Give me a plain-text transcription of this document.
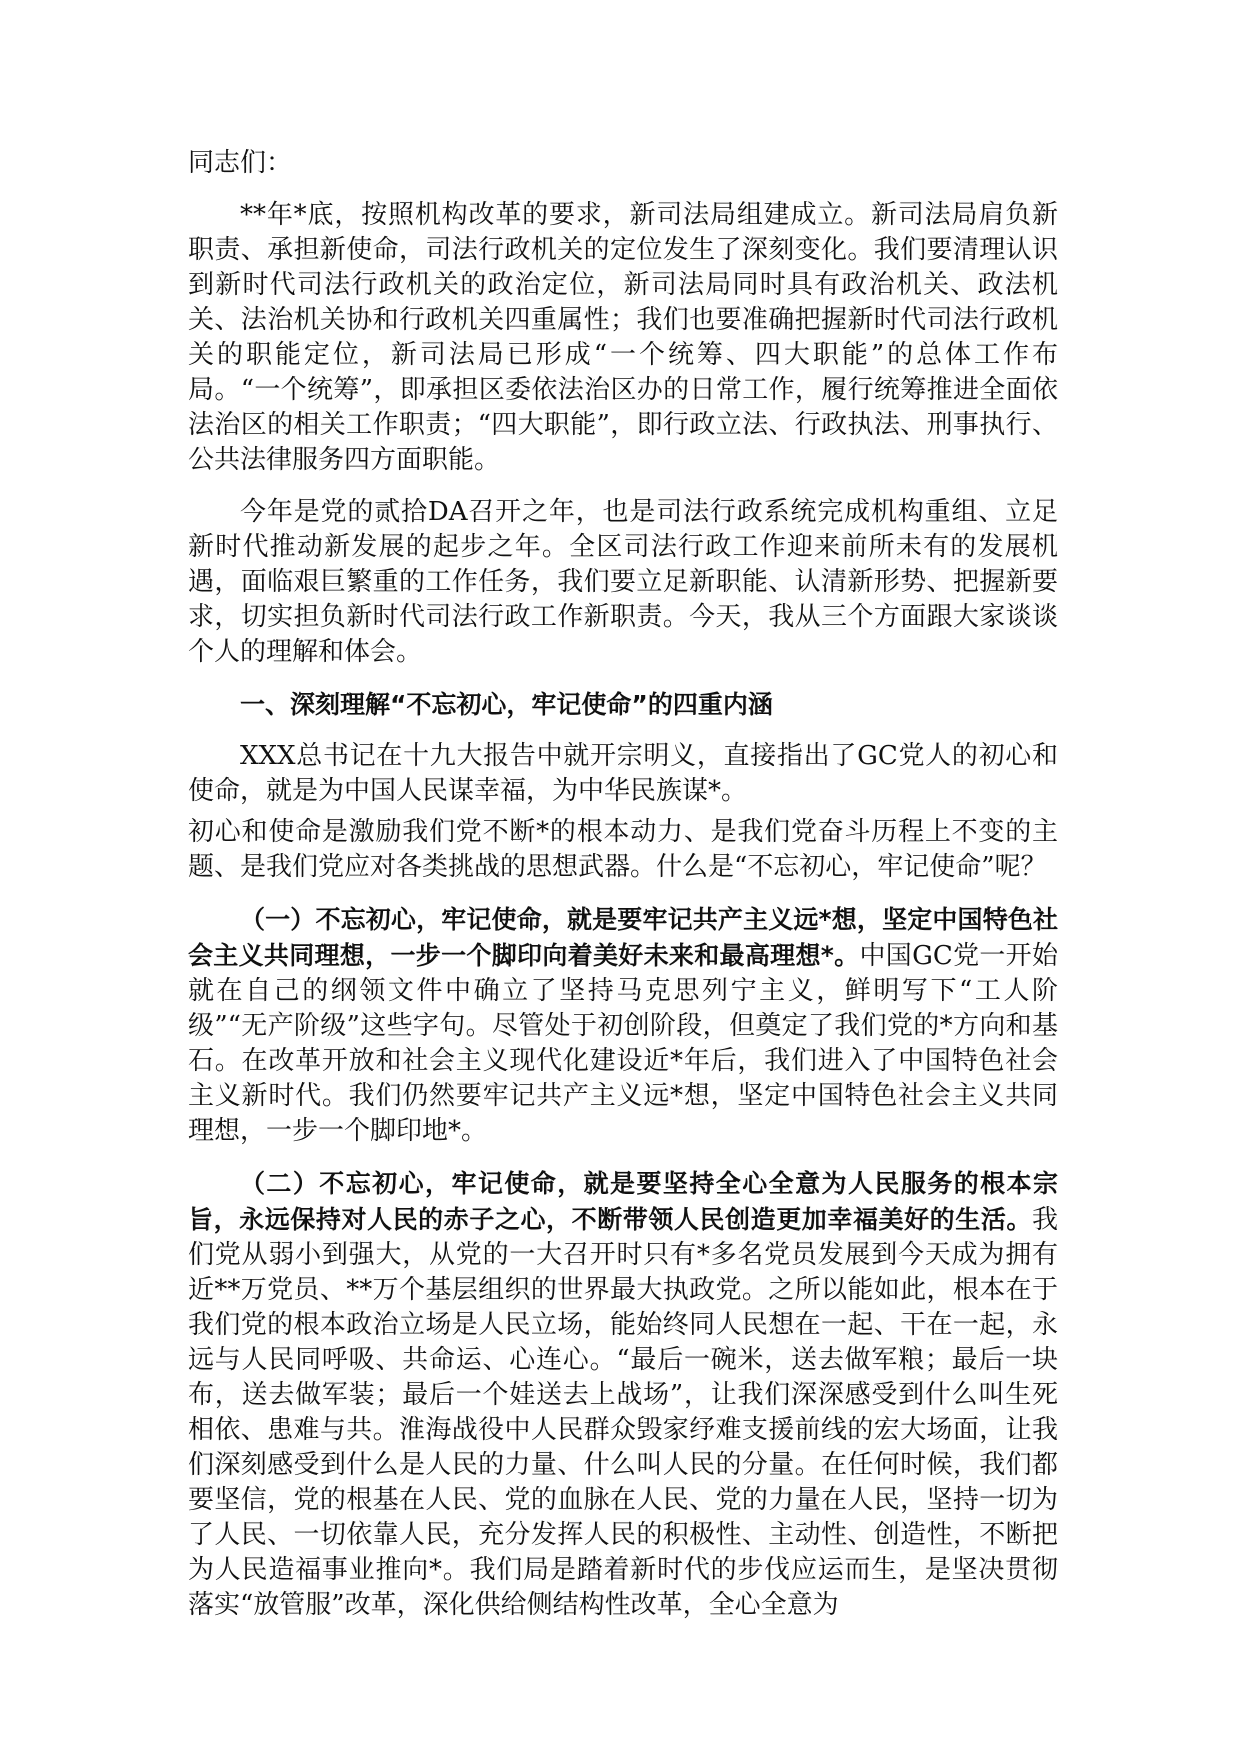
同志们：

**年*底，按照机构改革的要求，新司法局组建成立。新司法局肩负新职责、承担新使命，司法行政机关的定位发生了深刻变化。我们要清理认识到新时代司法行政机关的政治定位，新司法局同时具有政治机关、政法机关、法治机关协和行政机关四重属性；我们也要准确把握新时代司法行政机关的职能定位，新司法局已形成“一个统筹、四大职能”的总体工作布局。“一个统筹”，即承担区委依法治区办的日常工作，履行统筹推进全面依法治区的相关工作职责；“四大职能”，即行政立法、行政执法、刑事执行、公共法律服务四方面职能。

今年是党的贰拾DA召开之年，也是司法行政系统完成机构重组、立足新时代推动新发展的起步之年。全区司法行政工作迎来前所未有的发展机遇，面临艰巨繁重的工作任务，我们要立足新职能、认清新形势、把握新要求，切实担负新时代司法行政工作新职责。今天，我从三个方面跟大家谈谈个人的理解和体会。

一、深刻理解“不忘初心，牢记使命”的四重内涵

XXX总书记在十九大报告中就开宗明义，直接指出了GC党人的初心和使命，就是为中国人民谋幸福，为中华民族谋*。

初心和使命是激励我们党不断*的根本动力、是我们党奋斗历程上不变的主题、是我们党应对各类挑战的思想武器。什么是“不忘初心，牢记使命”呢？

（一）不忘初心，牢记使命，就是要牢记共产主义远*想，坚定中国特色社会主义共同理想，一步一个脚印向着美好未来和最高理想*。中国GC党一开始就在自己的纲领文件中确立了坚持马克思列宁主义，鲜明写下“工人阶级”“无产阶级”这些字句。尽管处于初创阶段，但奠定了我们党的*方向和基石。在改革开放和社会主义现代化建设近*年后，我们进入了中国特色社会主义新时代。我们仍然要牢记共产主义远*想，坚定中国特色社会主义共同理想，一步一个脚印地*。

（二）不忘初心，牢记使命，就是要坚持全心全意为人民服务的根本宗旨，永远保持对人民的赤子之心，不断带领人民创造更加幸福美好的生活。我们党从弱小到强大，从党的一大召开时只有*多名党员发展到今天成为拥有近**万党员、**万个基层组织的世界最大执政党。之所以能如此，根本在于我们党的根本政治立场是人民立场，能始终同人民想在一起、干在一起，永远与人民同呼吸、共命运、心连心。“最后一碗米，送去做军粮；最后一块布，送去做军装；最后一个娃送去上战场”，让我们深深感受到什么叫生死相依、患难与共。淮海战役中人民群众毁家纾难支援前线的宏大场面，让我们深刻感受到什么是人民的力量、什么叫人民的分量。在任何时候，我们都要坚信，党的根基在人民、党的血脉在人民、党的力量在人民，坚持一切为了人民、一切依靠人民，充分发挥人民的积极性、主动性、创造性，不断把为人民造福事业推向*。我们局是踏着新时代的步伐应运而生，是坚决贯彻落实“放管服”改革，深化供给侧结构性改革，全心全意为
